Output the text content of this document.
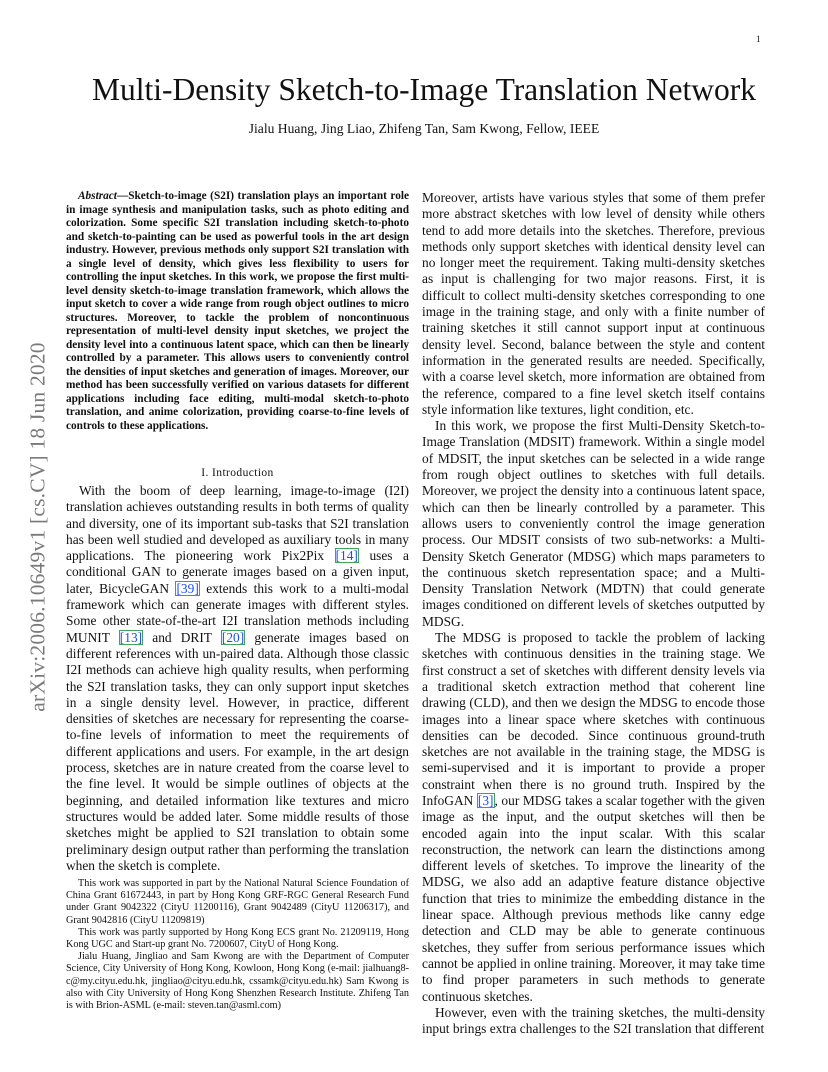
1
arXiv:2006.10649v1 [cs.CV] 18 Jun 2020
Multi-Density Sketch-to-Image Translation Network
Jialu Huang, Jing Liao, Zhifeng Tan, Sam Kwong, Fellow, IEEE

Abstract—Sketch-to-image (S2I) translation plays an important role in image synthesis and manipulation tasks, such as photo editing and colorization. Some specific S2I translation including sketch-to-photo and sketch-to-painting can be used as powerful tools in the art design industry. However, previous methods only support S2I translation with a single level of density, which gives less flexibility to users for controlling the input sketches. In this work, we propose the first multi-level density sketch-to-image translation framework, which allows the input sketch to cover a wide range from rough object outlines to micro structures. Moreover, to tackle the problem of noncontinuous representation of multi-level density input sketches, we project the density level into a continuous latent space, which can then be linearly controlled by a parameter. This allows users to conveniently control the densities of input sketches and generation of images. Moreover, our method has been successfully verified on various datasets for different applications including face editing, multi-modal sketch-to-photo translation, and anime colorization, providing coarse-to-fine levels of controls to these applications.

I. Introduction

With the boom of deep learning, image-to-image (I2I) translation achieves outstanding results in both terms of quality and diversity, one of its important sub-tasks that S2I translation has been well studied and developed as auxiliary tools in many applications. The pioneering work Pix2Pix [14] uses a conditional GAN to generate images based on a given input, later, BicycleGAN [39] extends this work to a multi-modal framework which can generate images with different styles. Some other state-of-the-art I2I translation methods including MUNIT [13] and DRIT [20] generate images based on different references with un-paired data. Although those classic I2I methods can achieve high quality results, when performing the S2I translation tasks, they can only support input sketches in a single density level. However, in practice, different densities of sketches are necessary for representing the coarse-to-fine levels of information to meet the requirements of different applications and users. For example, in the art design process, sketches are in nature created from the coarse level to the fine level. It would be simple outlines of objects at the beginning, and detailed information like textures and micro structures would be added later. Some middle results of those sketches might be applied to S2I translation to obtain some preliminary design output rather than performing the translation when the sketch is complete.

This work was supported in part by the National Natural Science Foundation of China Grant 61672443, in part by Hong Kong GRF-RGC General Research Fund under Grant 9042322 (CityU 11200116), Grant 9042489 (CityU 11206317), and Grant 9042816 (CityU 11209819)

This work was partly supported by Hong Kong ECS grant No. 21209119, Hong Kong UGC and Start-up grant No. 7200607, CityU of Hong Kong.

Jialu Huang, Jingliao and Sam Kwong are with the Department of Computer Science, City University of Hong Kong, Kowloon, Hong Kong (e-mail: jialhuang8-c@my.cityu.edu.hk, jingliao@cityu.edu.hk, cssamk@cityu.edu.hk) Sam Kwong is also with City University of Hong Kong Shenzhen Research Institute. Zhifeng Tan is with Brion-ASML (e-mail: steven.tan@asml.com)

Moreover, artists have various styles that some of them prefer more abstract sketches with low level of density while others tend to add more details into the sketches. Therefore, previous methods only support sketches with identical density level can no longer meet the requirement. Taking multi-density sketches as input is challenging for two major reasons. First, it is difficult to collect multi-density sketches corresponding to one image in the training stage, and only with a finite number of training sketches it still cannot support input at continuous density level. Second, balance between the style and content information in the generated results are needed. Specifically, with a coarse level sketch, more information are obtained from the reference, compared to a fine level sketch itself contains style information like textures, light condition, etc.

In this work, we propose the first Multi-Density Sketch-to-Image Translation (MDSIT) framework. Within a single model of MDSIT, the input sketches can be selected in a wide range from rough object outlines to sketches with full details. Moreover, we project the density into a continuous latent space, which can then be linearly controlled by a parameter. This allows users to conveniently control the image generation process. Our MDSIT consists of two sub-networks: a Multi-Density Sketch Generator (MDSG) which maps parameters to the continuous sketch representation space; and a Multi-Density Translation Network (MDTN) that could generate images conditioned on different levels of sketches outputted by MDSG.

The MDSG is proposed to tackle the problem of lacking sketches with continuous densities in the training stage. We first construct a set of sketches with different density levels via a traditional sketch extraction method that coherent line drawing (CLD), and then we design the MDSG to encode those images into a linear space where sketches with continuous densities can be decoded. Since continuous ground-truth sketches are not available in the training stage, the MDSG is semi-supervised and it is important to provide a proper constraint when there is no ground truth. Inspired by the InfoGAN [3], our MDSG takes a scalar together with the given image as the input, and the output sketches will then be encoded again into the input scalar. With this scalar reconstruction, the network can learn the distinctions among different levels of sketches. To improve the linearity of the MDSG, we also add an adaptive feature distance objective function that tries to minimize the embedding distance in the linear space. Although previous methods like canny edge detection and CLD may be able to generate continuous sketches, they suffer from serious performance issues which cannot be applied in online training. Moreover, it may take time to find proper parameters in such methods to generate continuous sketches.

However, even with the training sketches, the multi-density input brings extra challenges to the S2I translation that different
